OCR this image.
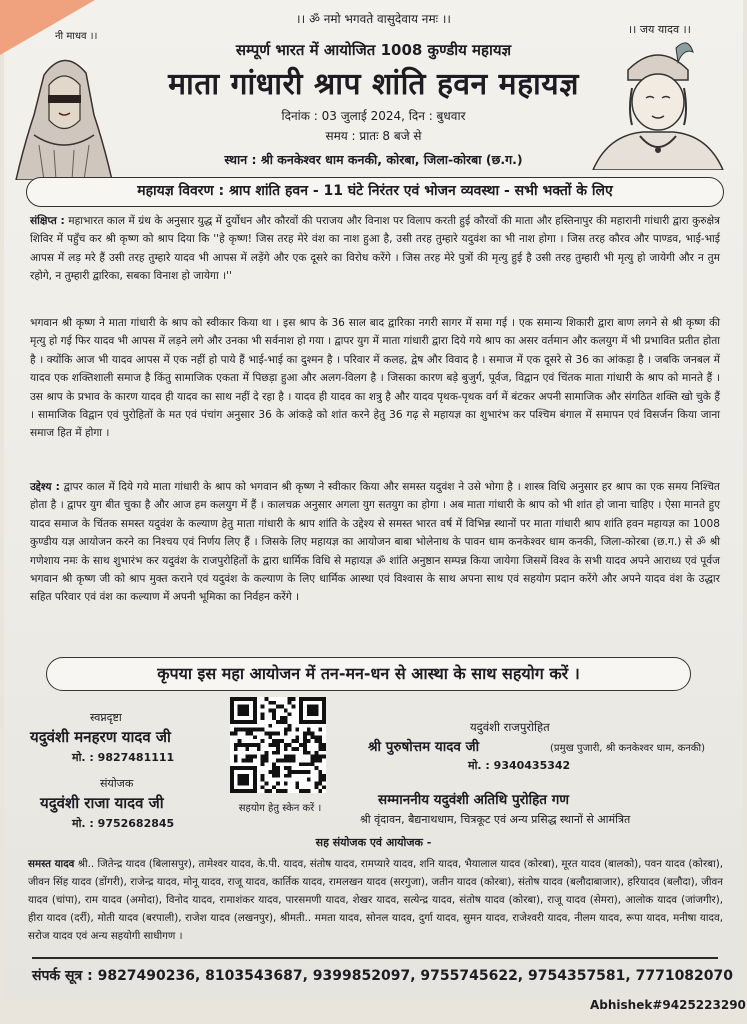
।। ॐ नमो भगवते वासुदेवाय नमः ।।
नी माधव ।।
।। जय यादव ।।
सम्पूर्ण भारत में आयोजित 1008 कुण्डीय महायज्ञ
माता गांधारी श्राप शांति हवन महायज्ञ
दिनांक : 03 जुलाई 2024, दिन : बुधवार
समय : प्रातः 8 बजे से
स्थान : श्री कनकेश्वर धाम कनकी, कोरबा, जिला-कोरबा (छ.ग.)
महायज्ञ विवरण : श्राप शांति हवन - 11 घंटे निरंतर एवं भोजन व्यवस्था - सभी भक्तों के लिए
संक्षिप्त : महाभारत काल में ग्रंथ के अनुसार युद्ध में दुर्योधन और कौरवों की पराजय और विनाश पर विलाप करती हुई कौरवों की माता और हस्तिनापुर की महारानी गांधारी द्वारा कुरुक्षेत्र शिविर में पहुँच कर श्री कृष्ण को श्राप दिया कि ''हे कृष्ण! जिस तरह मेरे वंश का नाश हुआ है, उसी तरह तुम्हारे यदुवंश का भी नाश होगा । जिस तरह कौरव और पाण्डव, भाई-भाई आपस में लड़ मरे हैं उसी तरह तुम्हारे यादव भी आपस में लड़ेंगे और एक दूसरे का विरोध करेंगे । जिस तरह मेरे पुत्रों की मृत्यु हुई है उसी तरह तुम्हारी भी मृत्यु हो जायेगी और न तुम रहोगे, न तुम्हारी द्वारिका, सबका विनाश हो जायेगा ।''
भगवान श्री कृष्ण ने माता गांधारी के श्राप को स्वीकार किया था । इस श्राप के 36 साल बाद द्वारिका नगरी सागर में समा गई । एक समान्य शिकारी द्वारा बाण लगने से श्री कृष्ण की मृत्यु हो गई फिर यादव भी आपस में लड़ने लगे और उनका भी सर्वनाश हो गया । द्वापर युग में माता गांधारी द्वारा दिये गये श्राप का असर वर्तमान और कलयुग में भी प्रभावित प्रतीत होता है । क्योंकि आज भी यादव आपस में एक नहीं हो पाये हैं भाई-भाई का दुश्मन है । परिवार में कलह, द्वेष और विवाद है । समाज में एक दूसरे से 36 का आंकड़ा है । जबकि जनबल में यादव एक शक्तिशाली समाज है किंतु सामाजिक एकता में पिछड़ा हुआ और अलग-विलग है । जिसका कारण बड़े बुजुर्ग, पूर्वज, विद्वान एवं चिंतक माता गांधारी के श्राप को मानते हैं । उस श्राप के प्रभाव के कारण यादव ही यादव का साथ नहीं दे रहा है । यादव ही यादव का शत्रु है और यादव पृथक-पृथक वर्ग में बंटकर अपनी सामाजिक और संगठित शक्ति खो चुके हैं । सामाजिक विद्वान एवं पुरोहितों के मत एवं पंचांग अनुसार 36 के आंकड़े को शांत करने हेतु 36 गढ़ से महायज्ञ का शुभारंभ कर पश्चिम बंगाल में समापन एवं विसर्जन किया जाना समाज हित में होगा ।
उद्देश्य : द्वापर काल में दिये गये माता गांधारी के श्राप को भगवान श्री कृष्ण ने स्वीकार किया और समस्त यदुवंश ने उसे भोगा है । शास्त्र विधि अनुसार हर श्राप का एक समय निश्चित होता है । द्वापर युग बीत चुका है और आज हम कलयुग में हैं । कालचक्र अनुसार अगला युग सतयुग का होगा । अब माता गांधारी के श्राप को भी शांत हो जाना चाहिए । ऐसा मानते हुए यादव समाज के चिंतक समस्त यदुवंश के कल्याण हेतु माता गांधारी के श्राप शांति के उद्देश्य से समस्त भारत वर्ष में विभिन्न स्थानों पर माता गांधारी श्राप शांति हवन महायज्ञ का 1008 कुण्डीय यज्ञ आयोजन करने का निश्चय एवं निर्णय लिए हैं । जिसके लिए महायज्ञ का आयोजन बाबा भोलेनाथ के पावन धाम कनकेश्वर धाम कनकी, जिला-कोरबा (छ.ग.) से ॐ श्री गणेशाय नमः के साथ शुभारंभ कर यदुवंश के राजपुरोहितों के द्वारा धार्मिक विधि से महायज्ञ ॐ शांति अनुष्ठान सम्पन्न किया जायेगा जिसमें विश्व के सभी यादव अपने आराध्य एवं पूर्वज भगवान श्री कृष्ण जी को श्राप मुक्त कराने एवं यदुवंश के कल्याण के लिए धार्मिक आस्था एवं विश्वास के साथ अपना साथ एवं सहयोग प्रदान करेंगे और अपने यादव वंश के उद्धार सहित परिवार एवं वंश का कल्याण में अपनी भूमिका का निर्वहन करेंगे ।
कृपया इस महा आयोजन में तन-मन-धन से आस्था के साथ सहयोग करें ।
स्वप्नदृष्टा
यदुवंशी मनहरण यादव जी
मो. : 9827481111
संयोजक
यदुवंशी राजा यादव जी
मो. : 9752682845
सहयोग हेतु स्केन करें ।
यदुवंशी राजपुरोहित
श्री पुरुषोत्तम यादव जी	(प्रमुख पुजारी, श्री कनकेश्वर धाम, कनकी)
मो. : 9340435342
सम्माननीय यदुवंशी अतिथि पुरोहित गण
श्री वृंदावन, बैद्यनाथधाम, चित्रकूट एवं अन्य प्रसिद्ध स्थानों से आमंत्रित
सह संयोजक एवं आयोजक -
समस्त यादव श्री.. जितेन्द्र यादव (बिलासपुर), तामेश्वर यादव, के.पी. यादव, संतोष यादव, रामप्यारे यादव, शनि यादव, भैयालाल यादव (कोरबा), मूरत यादव (बालको), पवन यादव (कोरबा), जीवन सिंह यादव (डोंगरी), राजेन्द्र यादव, मोनू यादव, राजू यादव, कार्तिक यादव, रामलखन यादव (सरगुजा), जतीन यादव (कोरबा), संतोष यादव (बलौदाबाजार), हरियादव (बलौदा), जीवन यादव (चांपा), राम यादव (अमोदा), विनोद यादव, रामाशंकर यादव, पारसमणी यादव, शेखर यादव, सत्येन्द्र यादव, संतोष यादव (कोरबा), राजू यादव (सेमरा), आलोक यादव (जांजगीर), हीरा यादव (दर्री), मोती यादव (बरपाली), राजेश यादव (लखनपुर), श्रीमती.. ममता यादव, सोनल यादव, दुर्गा यादव, सुमन यादव, राजेश्वरी यादव, नीलम यादव, रूपा यादव, मनीषा यादव, सरोज यादव एवं अन्य सहयोगी साधीगण ।
संपर्क सूत्र : 9827490236, 8103543687, 9399852097, 9755745622, 9754357581, 7771082070
Abhishek#9425223290
